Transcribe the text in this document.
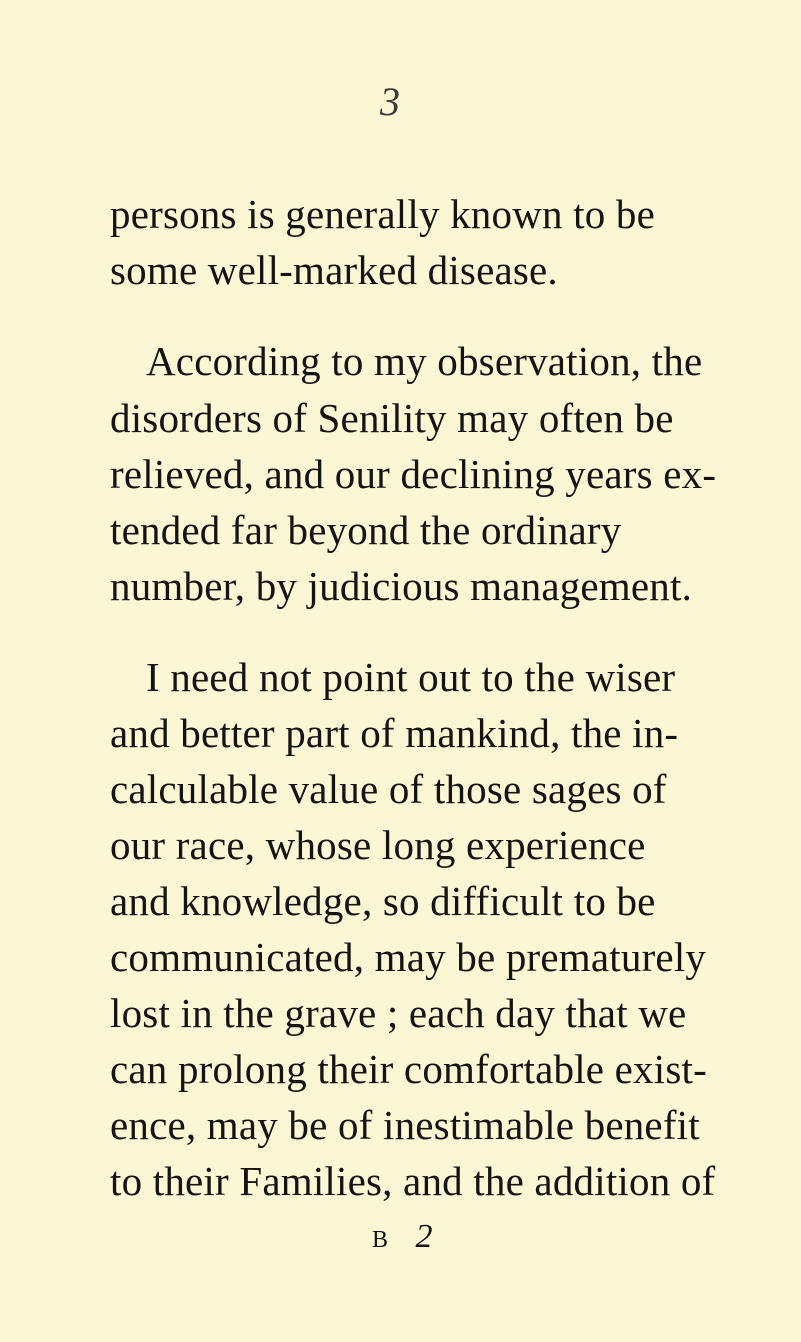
3
persons is generally known to be
some well-marked disease.
According to my observation, the
disorders of Senility may often be
relieved, and our declining years ex-
tended far beyond the ordinary
number, by judicious management.
I need not point out to the wiser
and better part of mankind, the in-
calculable value of those sages of
our race, whose long experience
and knowledge, so difficult to be
communicated, may be prematurely
lost in the grave ; each day that we
can prolong their comfortable exist-
ence, may be of inestimable benefit
to their Families, and the addition of
B 2
